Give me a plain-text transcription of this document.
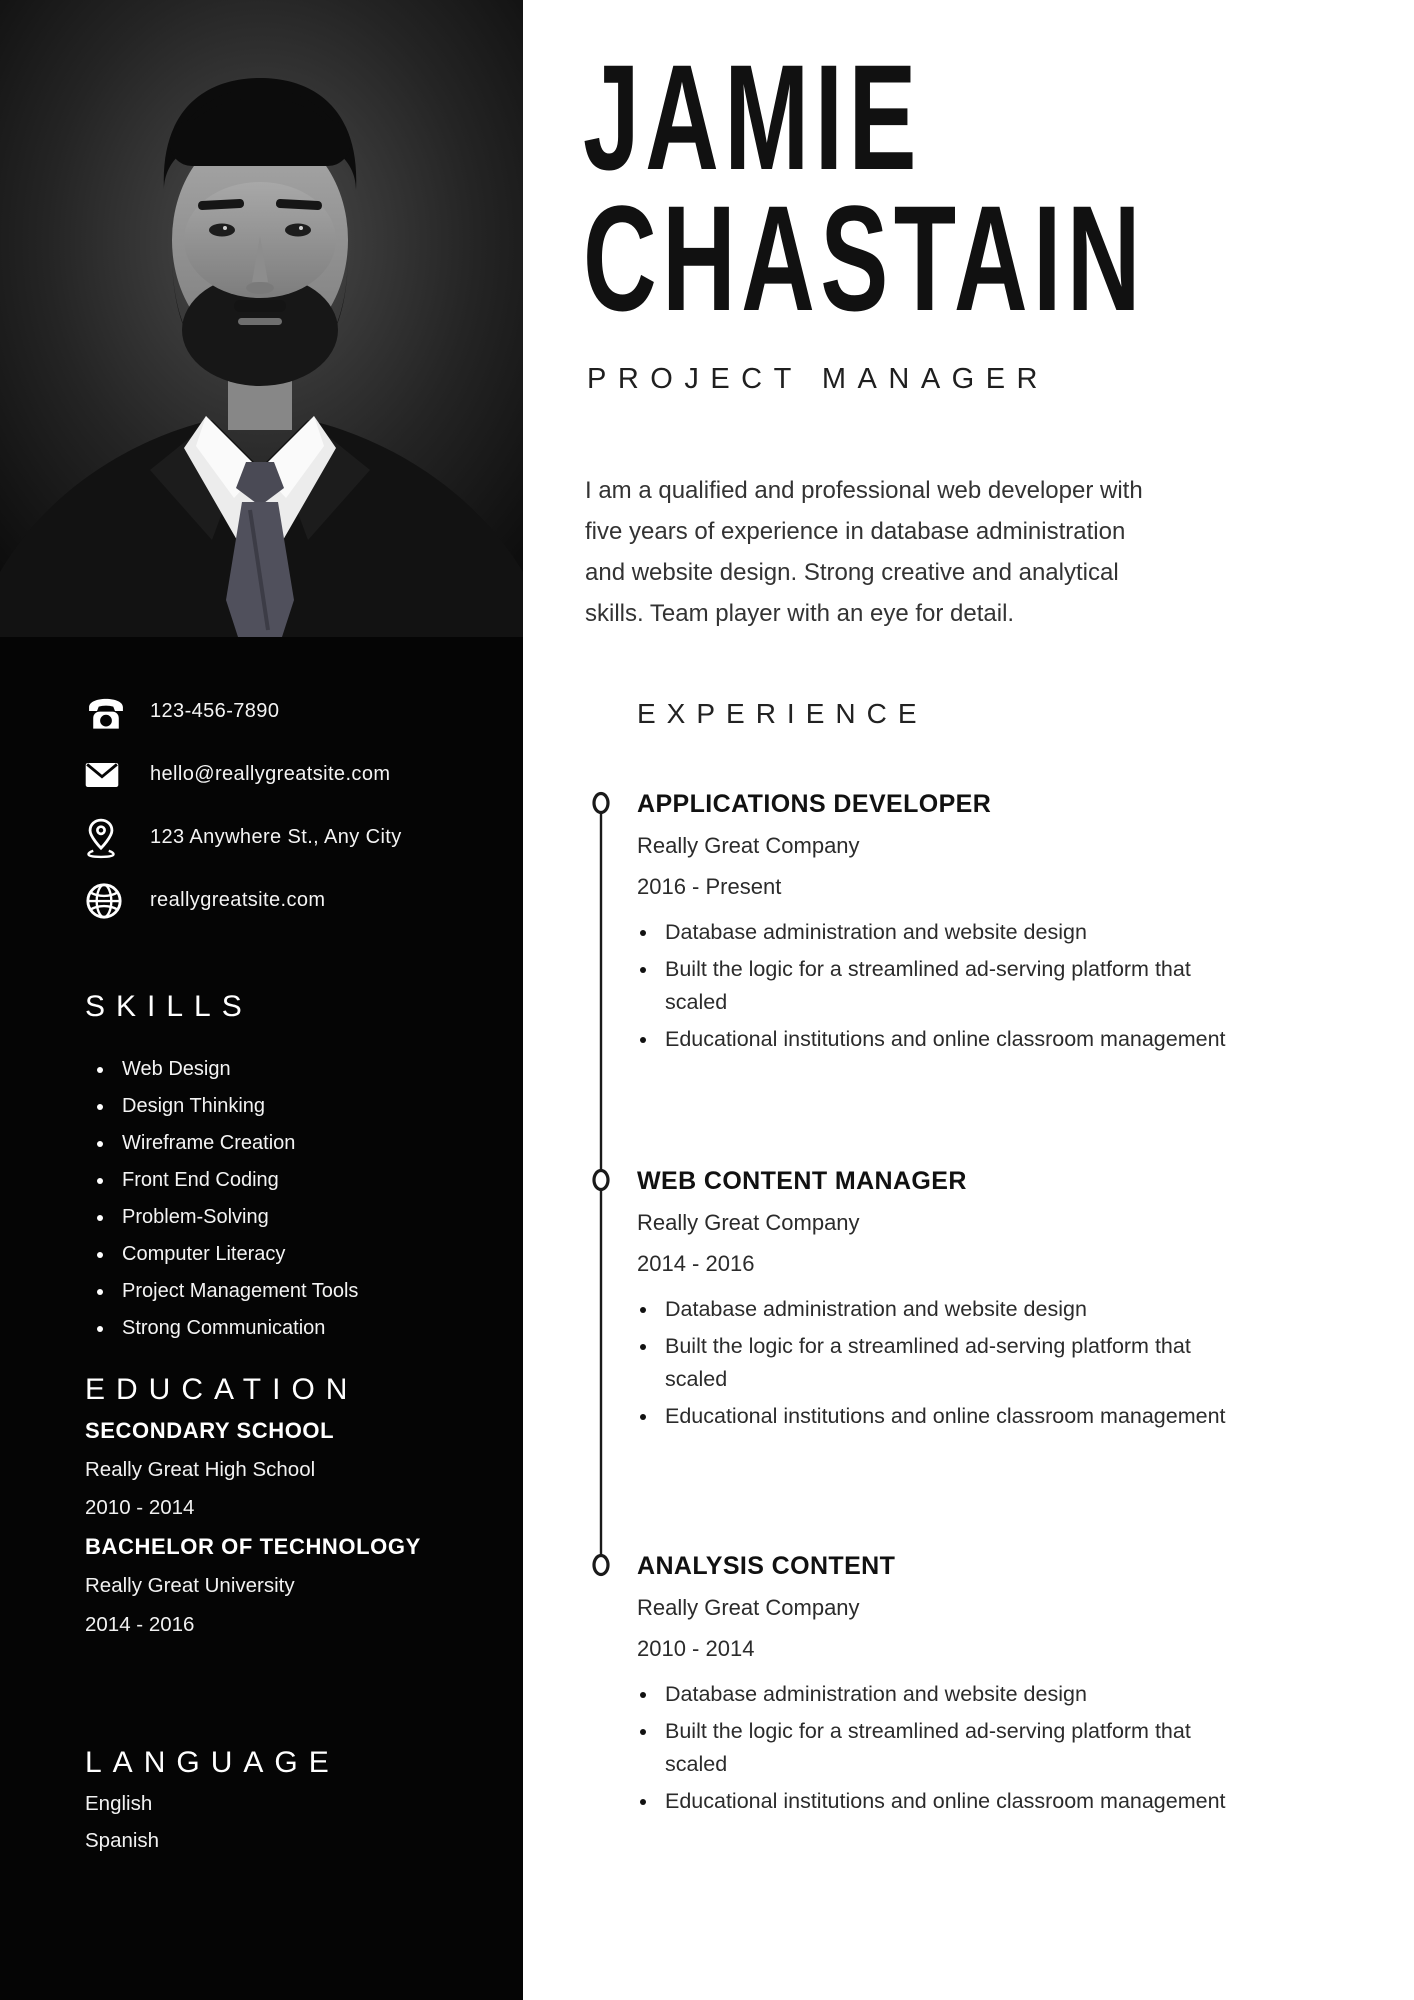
123-456-7890
hello@reallygreatsite.com
123 Anywhere St., Any City
reallygreatsite.com
SKILLS
Web Design
Design Thinking
Wireframe Creation
Front End Coding
Problem-Solving
Computer Literacy
Project Management Tools
Strong Communication
EDUCATION
SECONDARY SCHOOL
Really Great High School
2010 - 2014
BACHELOR OF TECHNOLOGY
Really Great University
2014 - 2016
LANGUAGE
English
Spanish
JAMIE
CHASTAIN
PROJECT MANAGER

I am a qualified and professional web developer with
five years of experience in database administration
and website design. Strong creative and analytical
skills. Team player with an eye for detail.

EXPERIENCE
APPLICATIONS DEVELOPER
Really Great Company
2016 - Present
Database administration and website design
Built the logic for a streamlined ad-serving platform that scaled
Educational institutions and online classroom management
WEB CONTENT MANAGER
Really Great Company
2014 - 2016
Database administration and website design
Built the logic for a streamlined ad-serving platform that scaled
Educational institutions and online classroom management
ANALYSIS CONTENT
Really Great Company
2010 - 2014
Database administration and website design
Built the logic for a streamlined ad-serving platform that scaled
Educational institutions and online classroom management
